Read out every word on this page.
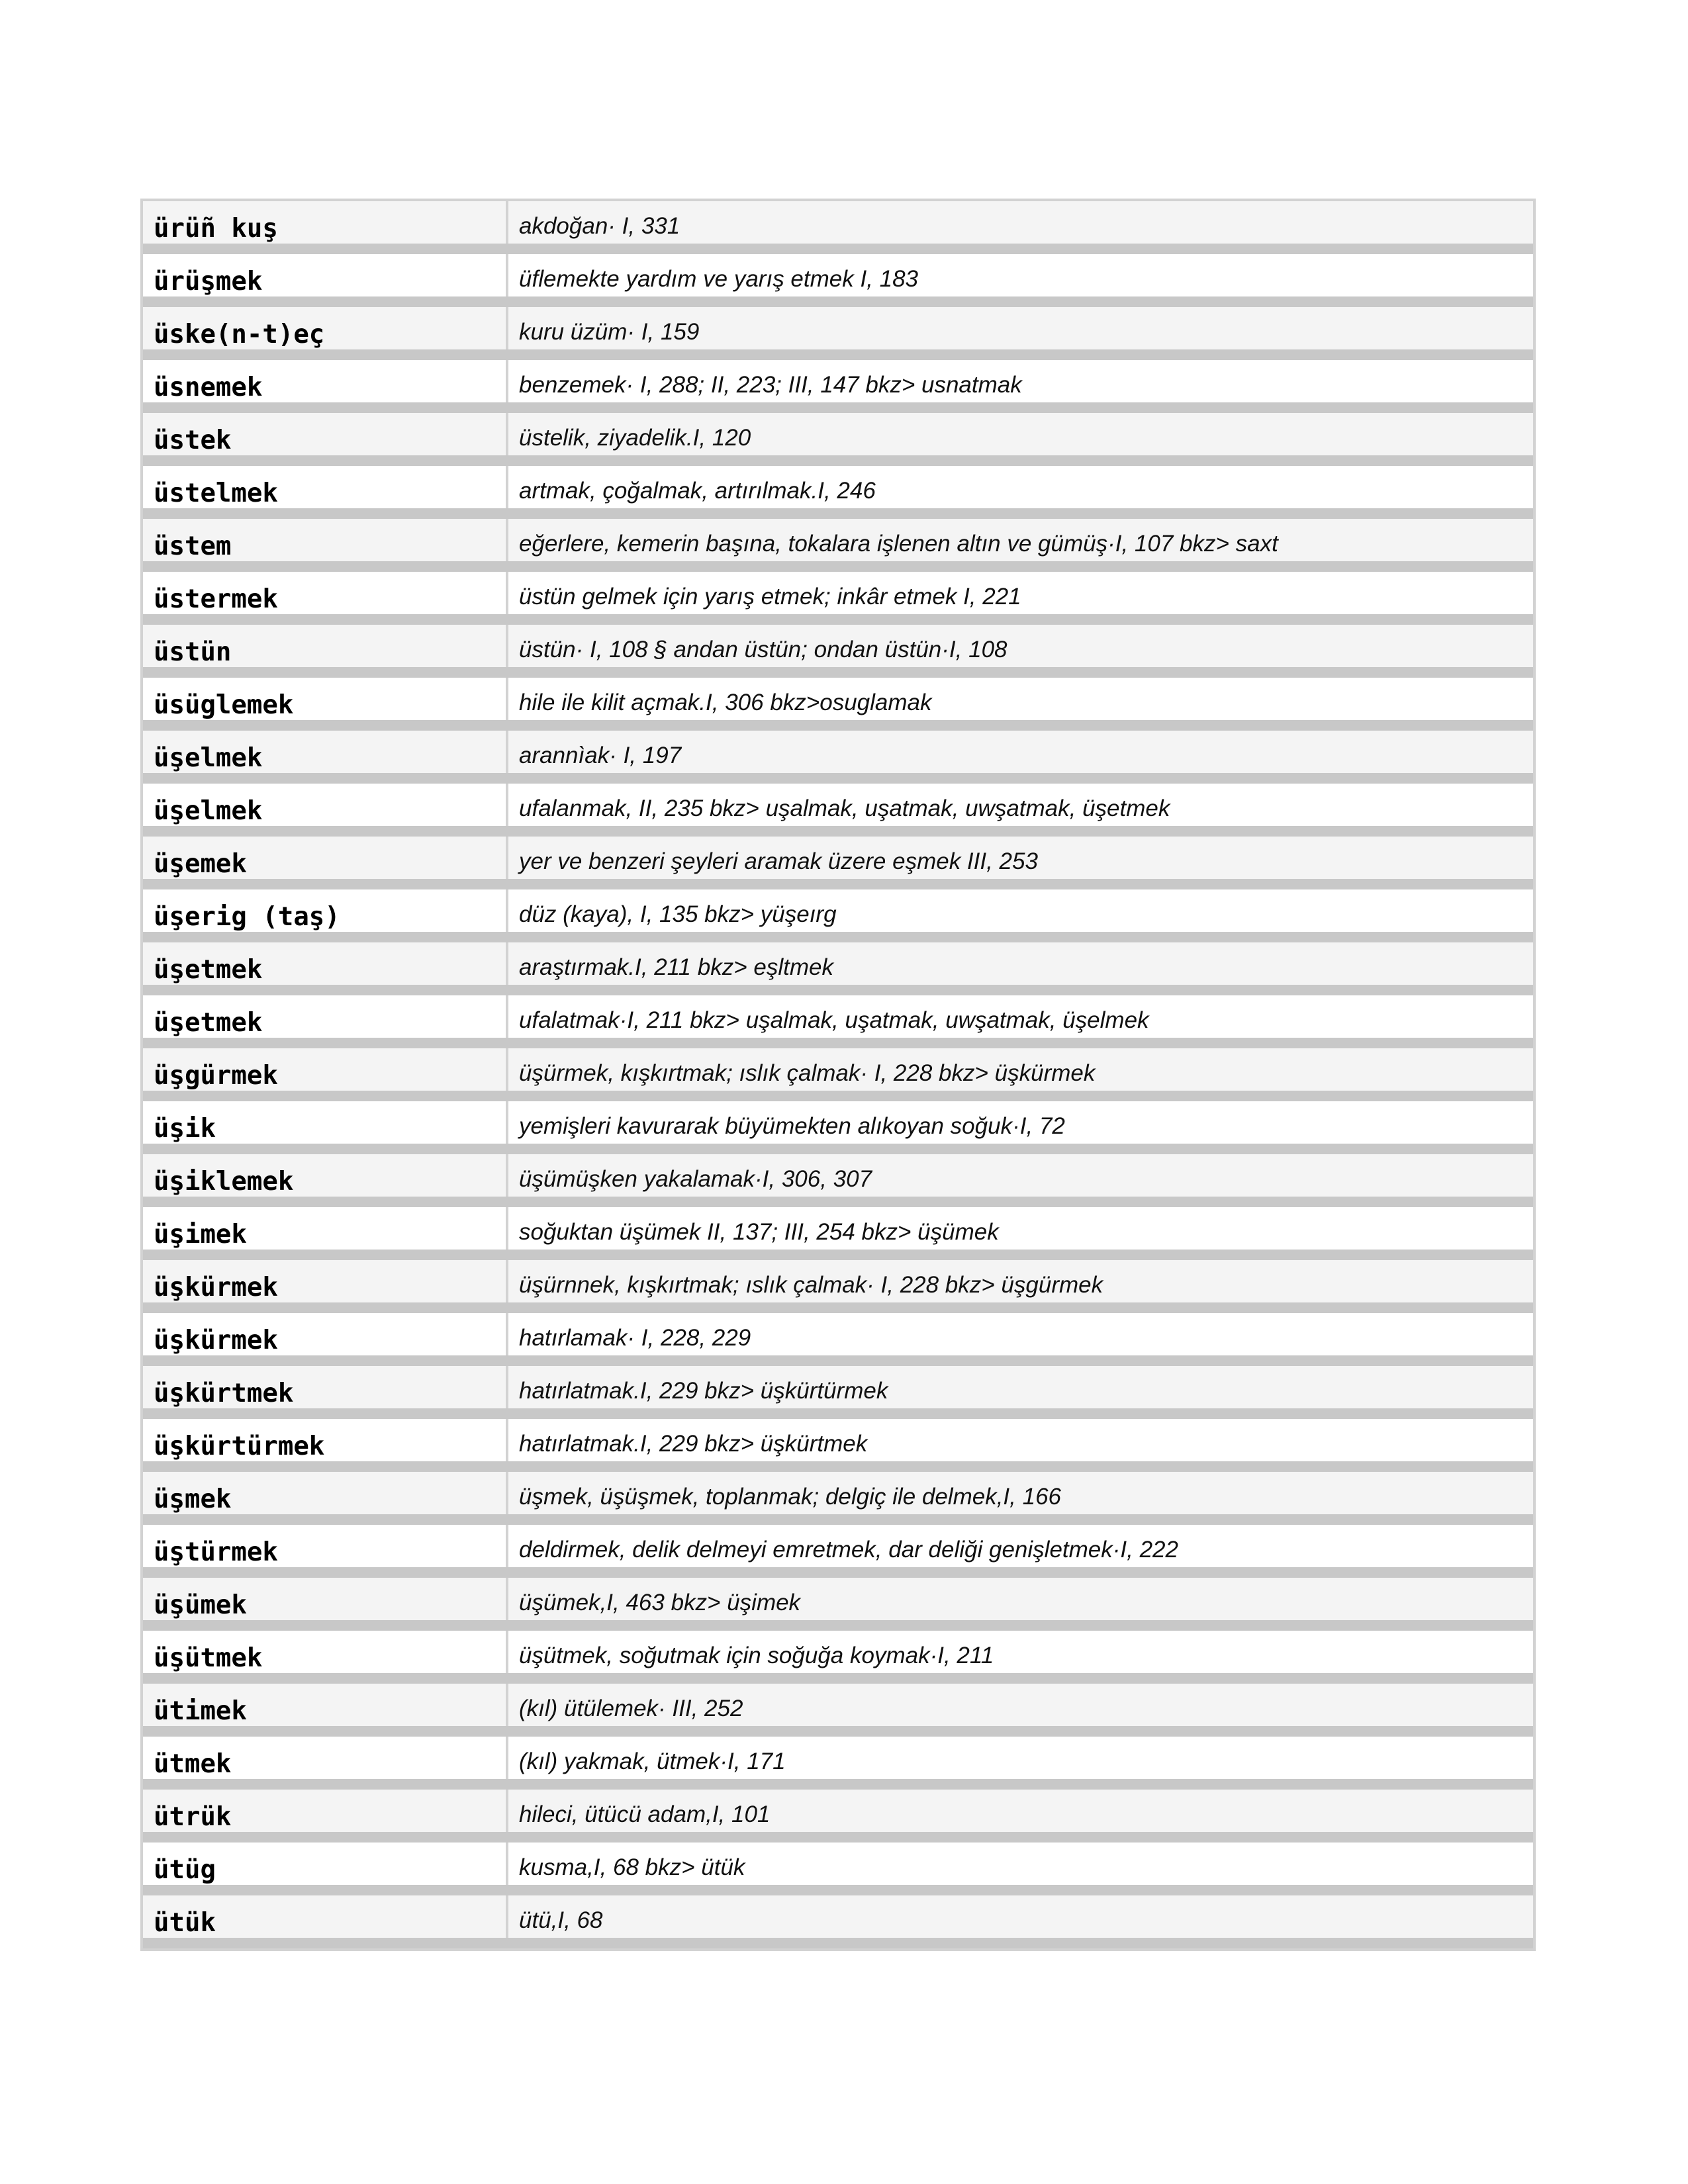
ürüñ kuş	akdoğan· I, 331
ürüşmek	üflemekte yardım ve yarış etmek I, 183
üske(n-t)eç	kuru üzüm· I, 159
üsnemek	benzemek· I, 288; II, 223; III, 147 bkz> usnatmak
üstek	üstelik, ziyadelik.I, 120
üstelmek	artmak, çoğalmak, artırılmak.I, 246
üstem	eğerlere, kemerin başına, tokalara işlenen altın ve gümüş·I, 107 bkz> saxt
üstermek	üstün gelmek için yarış etmek; inkâr etmek I, 221
üstün	üstün· I, 108 § andan üstün; ondan üstün·I, 108
üsüglemek	hile ile kilit açmak.I, 306 bkz>osuglamak
üşelmek	arannìak· I, 197
üşelmek	ufalanmak, II, 235 bkz> uşalmak, uşatmak, uwşatmak, üşetmek
üşemek	yer ve benzeri şeyleri aramak üzere eşmek III, 253
üşerig (taş)	düz (kaya), I, 135 bkz> yüşeırg
üşetmek	araştırmak.I, 211 bkz> eşltmek
üşetmek	ufalatmak·I, 211 bkz> uşalmak, uşatmak, uwşatmak, üşelmek
üşgürmek	üşürmek, kışkırtmak; ıslık çalmak· I, 228 bkz> üşkürmek
üşik	yemişleri kavurarak büyümekten alıkoyan soğuk·I, 72
üşiklemek	üşümüşken yakalamak·I, 306, 307
üşimek	soğuktan üşümek II, 137; III, 254 bkz> üşümek
üşkürmek	üşürnnek, kışkırtmak; ıslık çalmak· I, 228 bkz> üşgürmek
üşkürmek	hatırlamak· I, 228, 229
üşkürtmek	hatırlatmak.I, 229 bkz> üşkürtürmek
üşkürtürmek	hatırlatmak.I, 229 bkz> üşkürtmek
üşmek	üşmek, üşüşmek, toplanmak; delgiç ile delmek,I, 166
üştürmek	deldirmek, delik delmeyi emretmek, dar deliği genişletmek·I, 222
üşümek	üşümek,I, 463 bkz> üşimek
üşütmek	üşütmek, soğutmak için soğuğa koymak·I, 211
ütimek	(kıl) ütülemek· III, 252
ütmek	(kıl) yakmak, ütmek·I, 171
ütrük	hileci, ütücü adam,I, 101
ütüg	kusma,I, 68 bkz> ütük
ütük	ütü,I, 68
